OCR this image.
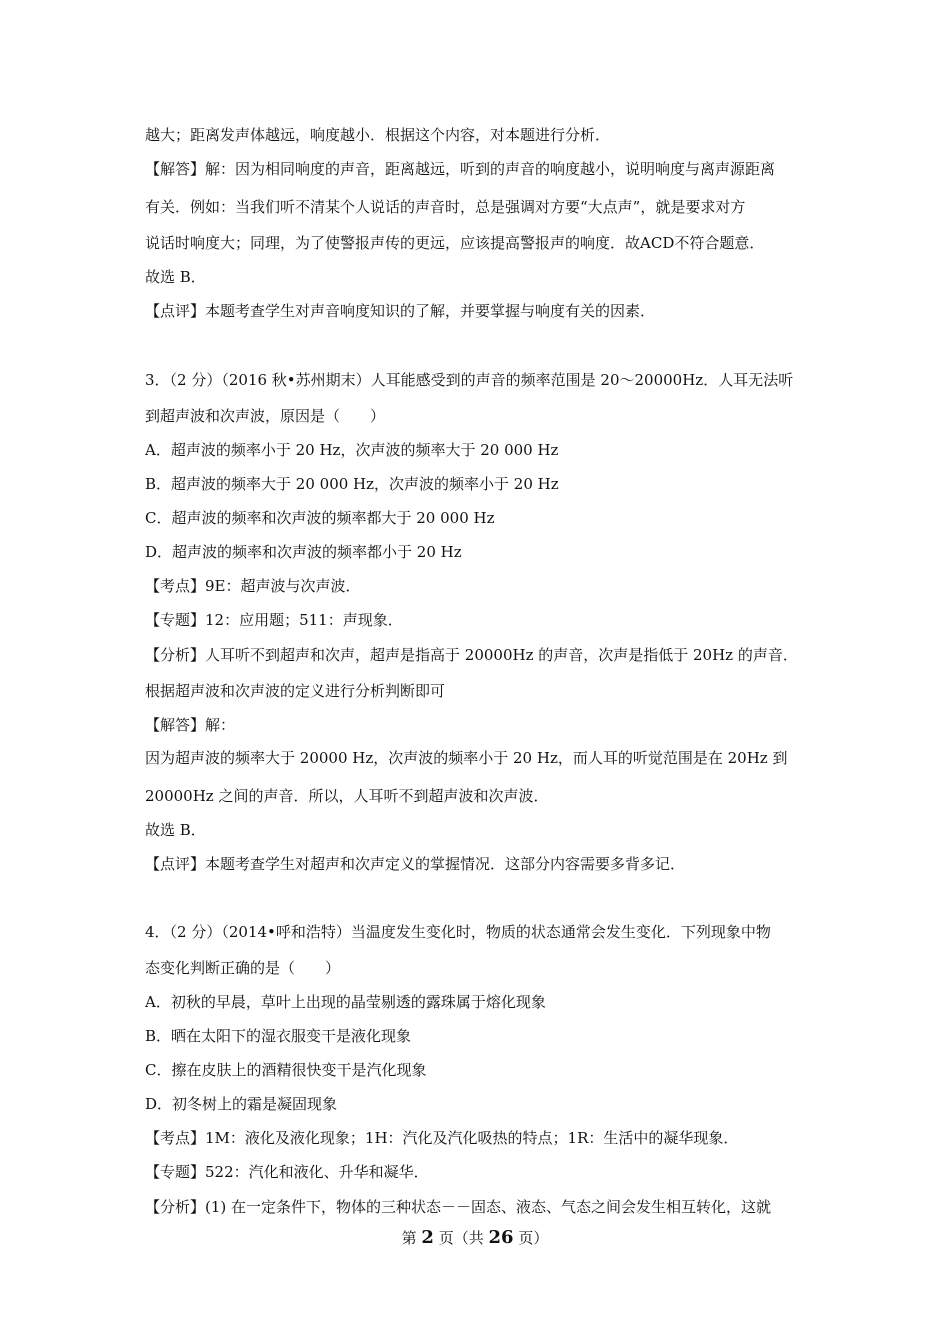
越大；距离发声体越远，响度越小．根据这个内容，对本题进行分析．
【解答】解：因为相同响度的声音，距离越远，听到的声音的响度越小，说明响度与离声源距离
有关．例如：当我们听不清某个人说话的声音时，总是强调对方要“大点声”，就是要求对方
说话时响度大；同理，为了使警报声传的更远，应该提高警报声的响度．故ACD不符合题意．
故选 B．
【点评】本题考查学生对声音响度知识的了解，并要掌握与响度有关的因素．
3．（2 分）（2016 秋•苏州期末）人耳能感受到的声音的频率范围是 20～20000Hz．人耳无法听
到超声波和次声波，原因是（　　）
A．超声波的频率小于 20 Hz，次声波的频率大于 20 000 Hz
B．超声波的频率大于 20 000 Hz，次声波的频率小于 20 Hz
C．超声波的频率和次声波的频率都大于 20 000 Hz
D．超声波的频率和次声波的频率都小于 20 Hz
【考点】9E：超声波与次声波．
【专题】12：应用题；511：声现象．
【分析】人耳听不到超声和次声，超声是指高于 20000Hz 的声音，次声是指低于 20Hz 的声音．
根据超声波和次声波的定义进行分析判断即可
【解答】解：
因为超声波的频率大于 20000 Hz，次声波的频率小于 20 Hz，而人耳的听觉范围是在 20Hz 到
20000Hz 之间的声音．所以，人耳听不到超声波和次声波．
故选 B．
【点评】本题考查学生对超声和次声定义的掌握情况．这部分内容需要多背多记．
4．（2 分）（2014•呼和浩特）当温度发生变化时，物质的状态通常会发生变化．下列现象中物
态变化判断正确的是（　　）
A．初秋的早晨，草叶上出现的晶莹剔透的露珠属于熔化现象
B．晒在太阳下的湿衣服变干是液化现象
C．擦在皮肤上的酒精很快变干是汽化现象
D．初冬树上的霜是凝固现象
【考点】1M：液化及液化现象；1H：汽化及汽化吸热的特点；1R：生活中的凝华现象．
【专题】522：汽化和液化、升华和凝华．
【分析】(1) 在一定条件下，物体的三种状态－－固态、液态、气态之间会发生相互转化，这就
第 2 页（共 26 页）
